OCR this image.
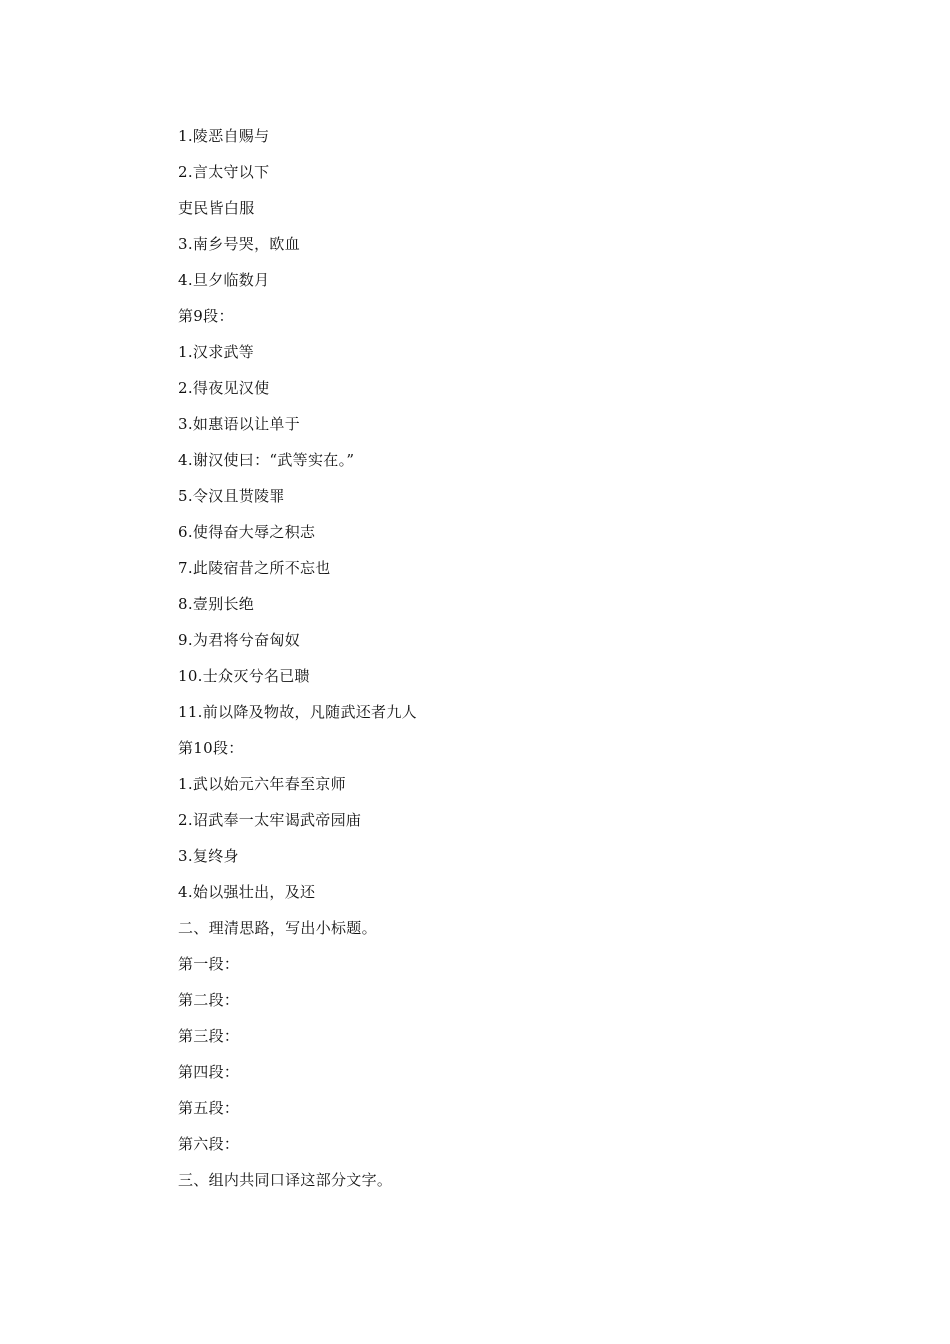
1.陵恶自赐与
2.言太守以下
吏民皆白服
3.南乡号哭，欧血
4.旦夕临数月
第9段：
1.汉求武等
2.得夜见汉使
3.如惠语以让单于
4.谢汉使曰：“武等实在。”
5.令汉且贳陵罪
6.使得奋大辱之积志
7.此陵宿昔之所不忘也
8.壹别长绝
9.为君将兮奋匈奴
10.士众灭兮名已聩
11.前以降及物故，凡随武还者九人
第10段：
1.武以始元六年春至京师
2.诏武奉一太牢谒武帝园庙
3.复终身
4.始以强壮出，及还
二、理清思路，写出小标题。
第一段：
第二段：
第三段：
第四段：
第五段：
第六段：
三、组内共同口译这部分文字。
